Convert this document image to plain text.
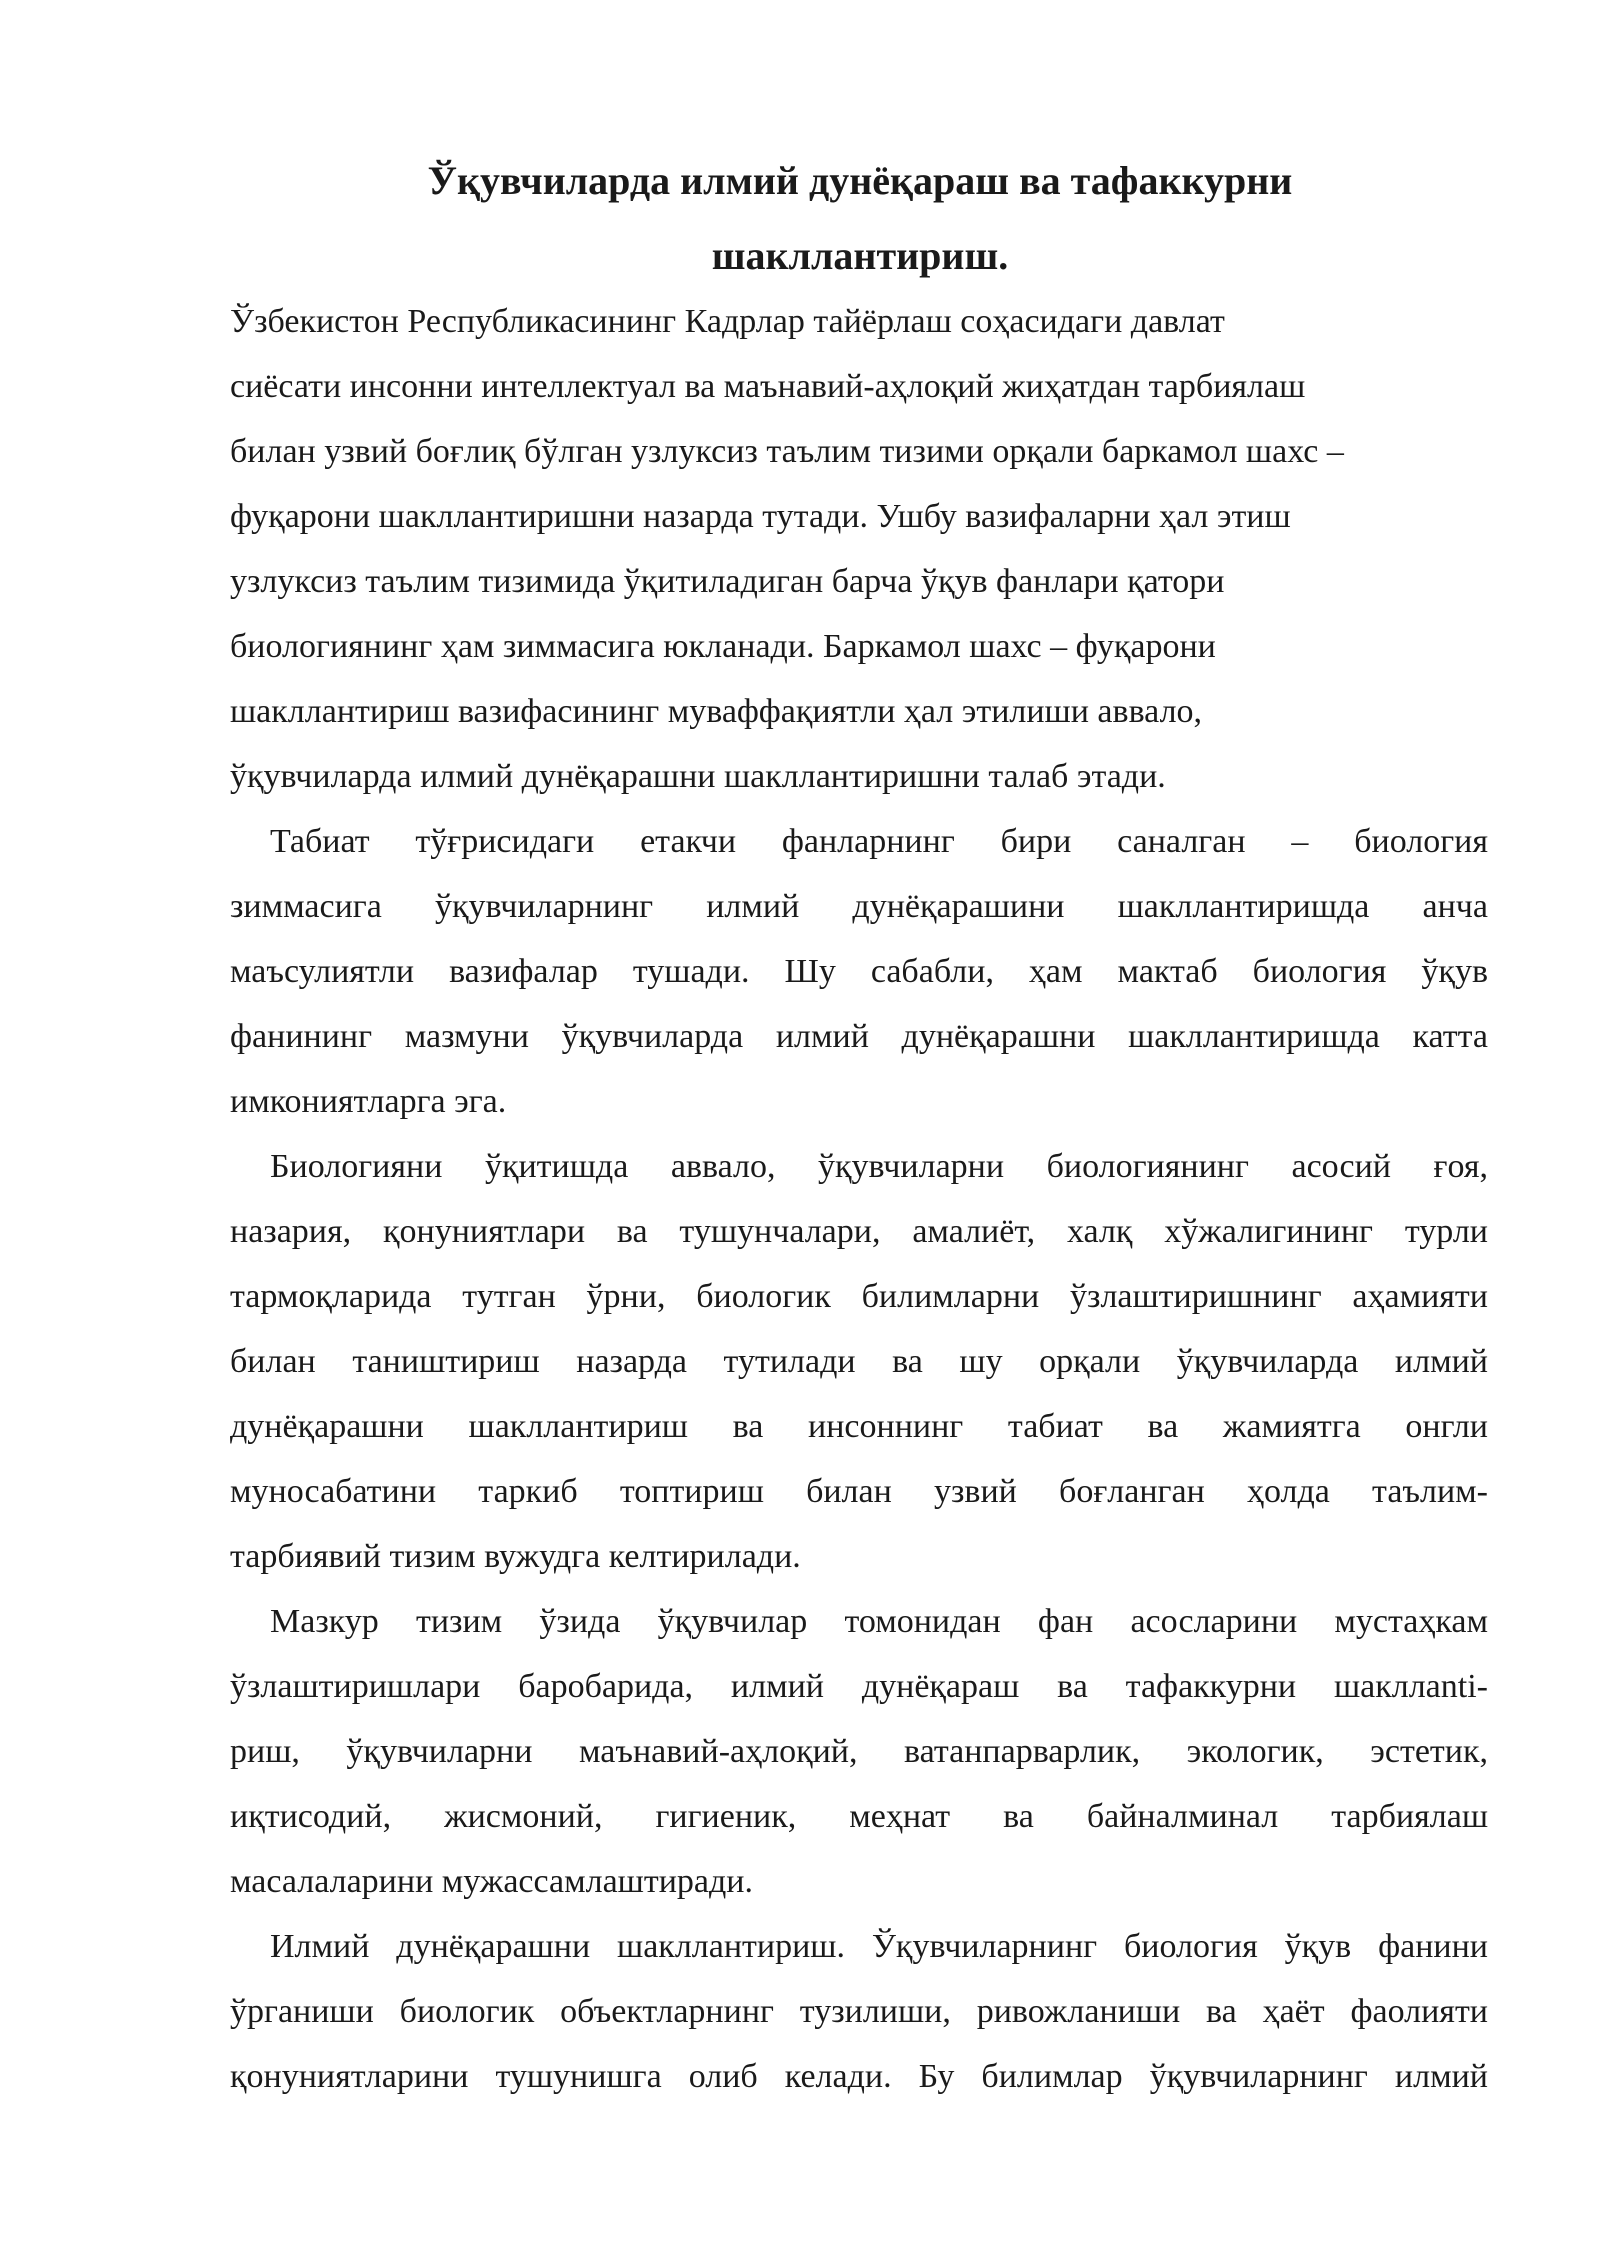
Ўқувчиларда илмий дунёқараш ва тафаккурни
шакллантириш.
Ўзбекистон Республикасининг Кадрлар тайёрлаш соҳасидаги давлат
сиёсати инсонни интеллектуал ва маънавий-аҳлоқий жиҳатдан тарбиялаш
билан узвий боғлиқ бўлган узлуксиз таълим тизими орқали баркамол шахс –
фуқарони шакллантиришни назарда тутади. Ушбу вазифаларни ҳал этиш
узлуксиз таълим тизимида ўқитиладиган барча ўқув фанлари қатори
биологиянинг ҳам зиммасига юкланади. Баркамол шахс – фуқарони
шакллантириш вазифасининг муваффақиятли ҳал этилиши аввало,
ўқувчиларда илмий дунёқарашни шакллантиришни талаб этади.
Табиат тўғрисидаги етакчи фанларнинг бири саналган – биология
зиммасига ўқувчиларнинг илмий дунёқарашини шакллантиришда анча
маъсулиятли вазифалар тушади. Шу сабабли, ҳам мактаб биология ўқув
фанининг мазмуни ўқувчиларда илмий дунёқарашни шакллантиришда катта
имкониятларга эга.
Биологияни ўқитишда аввало, ўқувчиларни биологиянинг асосий ғоя,
назария, қонуниятлари ва тушунчалари, амалиёт, халқ хўжалигининг турли
тармоқларида тутган ўрни, биологик билимларни ўзлаштиришнинг аҳамияти
билан таништириш назарда тутилади ва шу орқали ўқувчиларда илмий
дунёқарашни шакллантириш ва инсоннинг табиат ва жамиятга онгли
муносабатини таркиб топтириш билан узвий боғланган ҳолда таълим-
тарбиявий тизим вужудга келтирилади.
Мазкур тизим ўзида ўқувчилар томонидан фан асосларини мустаҳкам
ўзлаштиришлари баробарида, илмий дунёқараш ва тафаккурни шакллanti-
риш, ўқувчиларни маънавий-аҳлоқий, ватанпарварлик, экологик, эстетик,
иқтисодий, жисмоний, гигиеник, меҳнат ва байналминал тарбиялаш
масалаларини мужассамлаштиради.
Илмий дунёқарашни шакллантириш. Ўқувчиларнинг биология ўқув фанини
ўрганиши биологик объектларнинг тузилиши, ривожланиши ва ҳаёт фаолияти
қонуниятларини тушунишга олиб келади. Бу билимлар ўқувчиларнинг илмий
